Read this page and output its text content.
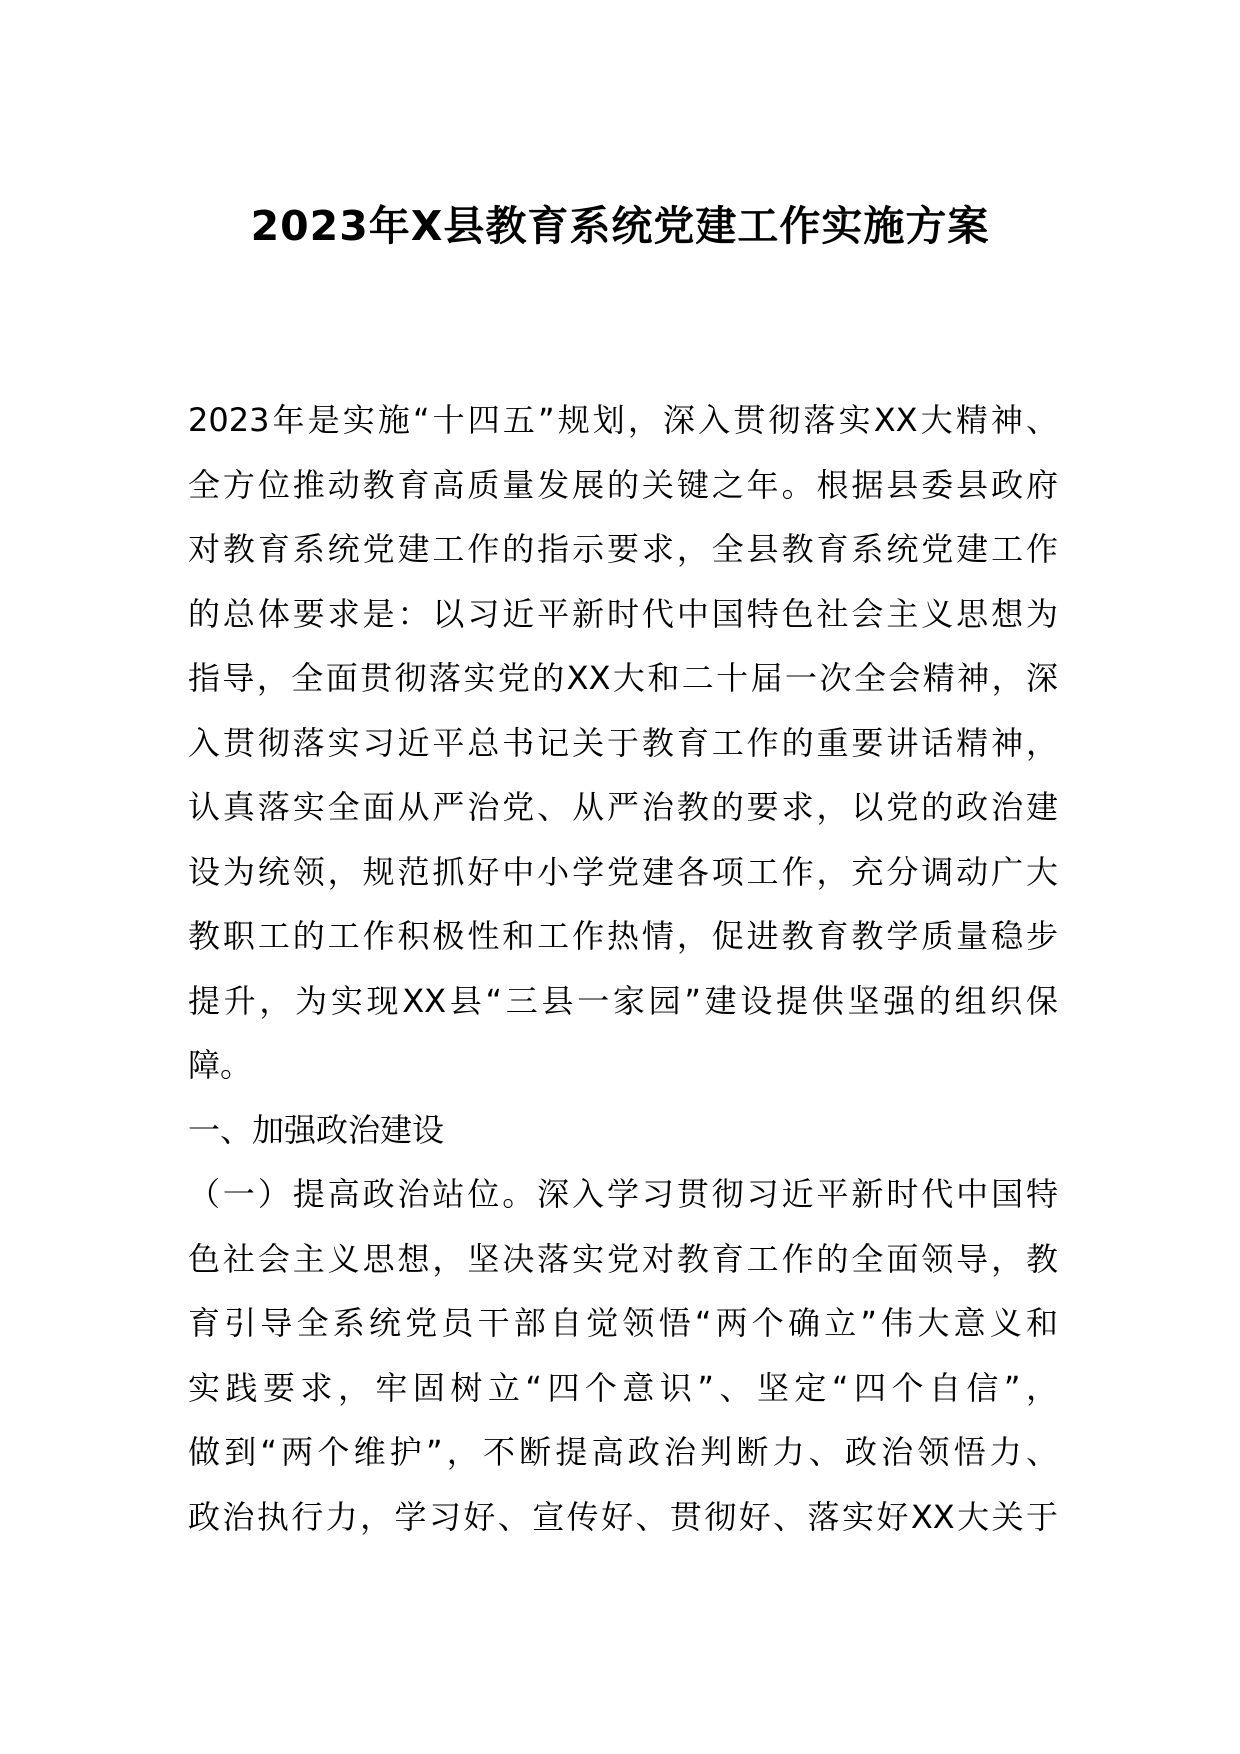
2023年X县教育系统党建工作实施方案
2023年是实施“十四五”规划，深入贯彻落实XX大精神、
全方位推动教育高质量发展的关键之年。根据县委县政府
对教育系统党建工作的指示要求，全县教育系统党建工作
的总体要求是：以习近平新时代中国特色社会主义思想为
指导，全面贯彻落实党的XX大和二十届一次全会精神，深
入贯彻落实习近平总书记关于教育工作的重要讲话精神，
认真落实全面从严治党、从严治教的要求，以党的政治建
设为统领，规范抓好中小学党建各项工作，充分调动广大
教职工的工作积极性和工作热情，促进教育教学质量稳步
提升，为实现XX县“三县一家园”建设提供坚强的组织保
障。
一、加强政治建设
（一）提高政治站位。深入学习贯彻习近平新时代中国特
色社会主义思想，坚决落实党对教育工作的全面领导，教
育引导全系统党员干部自觉领悟“两个确立”伟大意义和
实践要求，牢固树立“四个意识”、坚定“四个自信”，
做到“两个维护”，不断提高政治判断力、政治领悟力、
政治执行力，学习好、宣传好、贯彻好、落实好XX大关于
